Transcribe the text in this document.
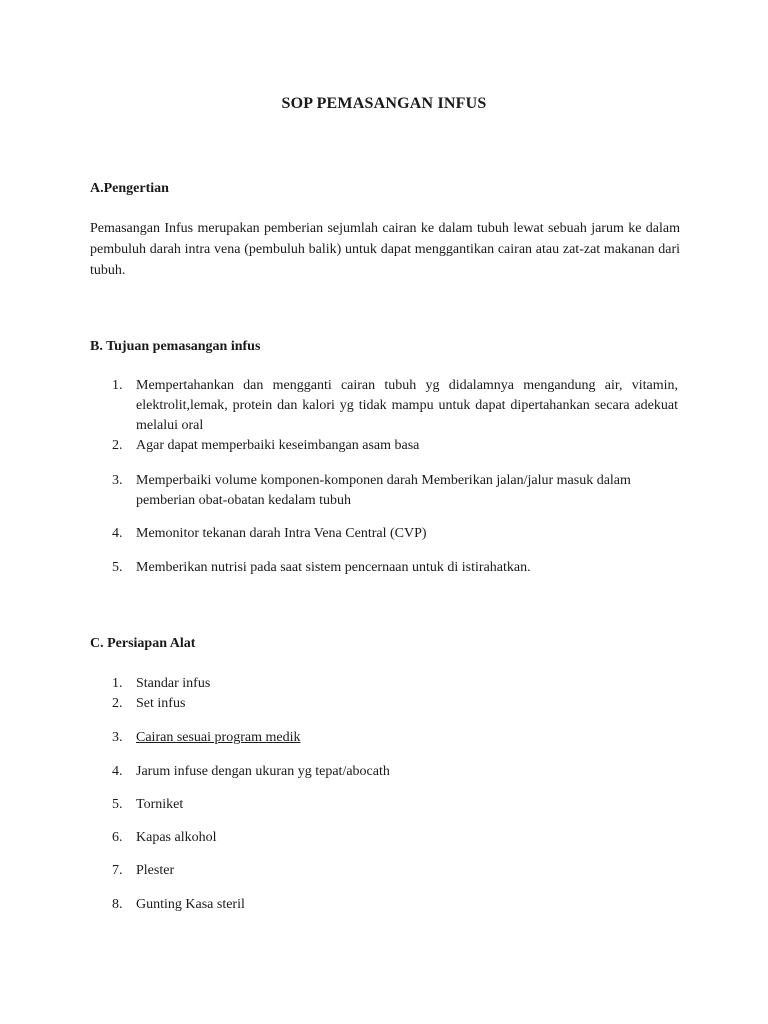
SOP PEMASANGAN INFUS
A.Pengertian
Pemasangan Infus merupakan pemberian sejumlah cairan ke dalam tubuh lewat sebuah jarum ke dalam pembuluh darah intra vena (pembuluh balik) untuk dapat menggantikan cairan atau zat-zat makanan dari tubuh.
B. Tujuan pemasangan infus
1. Mempertahankan dan mengganti cairan tubuh yg didalamnya mengandung air, vitamin, elektrolit,lemak, protein dan kalori yg tidak mampu untuk dapat dipertahankan secara adekuat melalui oral
2. Agar dapat memperbaiki keseimbangan asam basa
3. Memperbaiki volume komponen-komponen darah Memberikan jalan/jalur masuk dalam pemberian obat-obatan kedalam tubuh
4. Memonitor tekanan darah Intra Vena Central (CVP)
5. Memberikan nutrisi pada saat sistem pencernaan untuk di istirahatkan.
C. Persiapan Alat
1. Standar infus
2. Set infus
3. Cairan sesuai program medik
4. Jarum infuse dengan ukuran yg tepat/abocath
5. Torniket
6. Kapas alkohol
7. Plester
8. Gunting Kasa steril
